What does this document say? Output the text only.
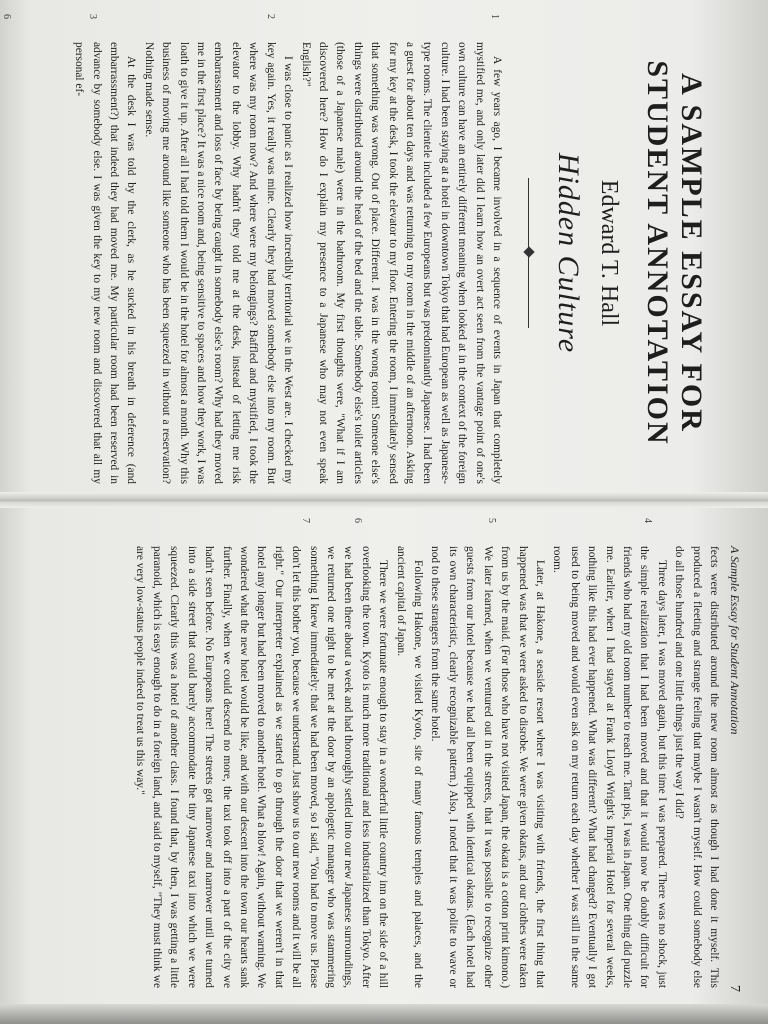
A SAMPLE ESSAY FOR
STUDENT ANNOTATION
Edward T. Hall
Hidden Culture
1
2
3
6

A few years ago, I became involved in a sequence of events in Japan that completely mystified me, and only later did I learn how an overt act seen from the vantage point of one's own culture can have an entirely different meaning when looked at in the context of the foreign culture. I had been staying at a hotel in downtown Tokyo that had European as well as Japanese-type rooms. The clientele included a few Europeans but was predominantly Japanese. I had been a guest for about ten days and was returning to my room in the middle of an afternoon. Asking for my key at the desk, I took the elevator to my floor. Entering the room, I immediately sensed that something was wrong. Out of place. Different. I was in the wrong room! Someone else's things were distributed around the head of the bed and the table. Somebody else's toilet articles (those of a Japanese male) were in the bathroom. My first thoughts were, "What if I am discovered here? How do I explain my presence to a Japanese who may not even speak English?"

I was close to panic as I realized how incredibly territorial we in the West are. I checked my key again. Yes, it really was mine. Clearly they had moved somebody else into my room. But where was my room now? And where were my belongings? Baffled and mystified, I took the elevator to the lobby. Why hadn't they told me at the desk, instead of letting me risk embarrassment and loss of face by being caught in somebody else's room? Why had they moved me in the first place? It was a nice room and, being sensitive to spaces and how they work, I was loath to give it up. After all I had told them I would be in the hotel for almost a month. Why this business of moving me around like someone who has been squeezed in without a reservation? Nothing made sense.

At the desk I was told by the clerk, as he sucked in his breath in deference (and embarrassment?) that indeed they had moved me. My particular room had been reserved in advance by somebody else. I was given the key to my new room and discovered that all my personal ef-

A Sample Essay for Student Annotation
7
4
5
6
7

fects were distributed around the new room almost as though I had done it myself. This produced a fleeting and strange feeling that maybe I wasn't myself. How could somebody else do all those hundred and one little things just the way I did?

Three days later, I was moved again, but this time I was prepared. There was no shock, just the simple realization that I had been moved and that it would now be doubly difficult for friends who had my old room number to reach me. Tant pis, I was in Japan. One thing did puzzle me. Earlier, when I had stayed at Frank Lloyd Wright's Imperial Hotel for several weeks, nothing like this had ever happened. What was different? What had changed? Eventually I got used to being moved and would even ask on my return each day whether I was still in the same room.

Later, at Hakone, a seaside resort where I was visiting with friends, the first thing that happened was that we were asked to disrobe. We were given okatas, and our clothes were taken from us by the maid. (For those who have not visited Japan, the okata is a cotton print kimono.) We later learned, when we ventured out in the streets, that it was possible to recognize other guests from our hotel because we had all been equipped with identical okatas. (Each hotel had its own characteristic, clearly recognizable pattern.) Also, I noted that it was polite to wave or nod to these strangers from the same hotel.

Following Hakone, we visited Kyoto, site of many famous temples and palaces, and the ancient capital of Japan.

There we were fortunate enough to stay in a wonderful little country inn on the side of a hill overlooking the town. Kyoto is much more traditional and less industrialized than Tokyo. After we had been there about a week and had thoroughly settled into our new Japanese surroundings, we returned one night to be met at the door by an apologetic manager who was stammering something I knew immediately: that we had been moved, so I said, "You had to move us. Please don't let this bother you, because we understand. Just show us to our new rooms and it will be all right." Our interpreter explained as we started to go through the door that we weren't in that hotel any longer but had been moved to another hotel. What a blow! Again, without warning. We wondered what the new hotel would be like, and with our descent into the town our hearts sank further. Finally, when we could descend no more, the taxi took off into a part of the city we hadn't seen before. No Europeans here! The streets got narrower and narrower until we turned into a side street that could barely accommodate the tiny Japanese taxi into which we were squeezed. Clearly this was a hotel of another class. I found that, by then, I was getting a little paranoid, which is easy enough to do in a foreign land, and said to myself, "They must think we are very low-status people indeed to treat us this way."
